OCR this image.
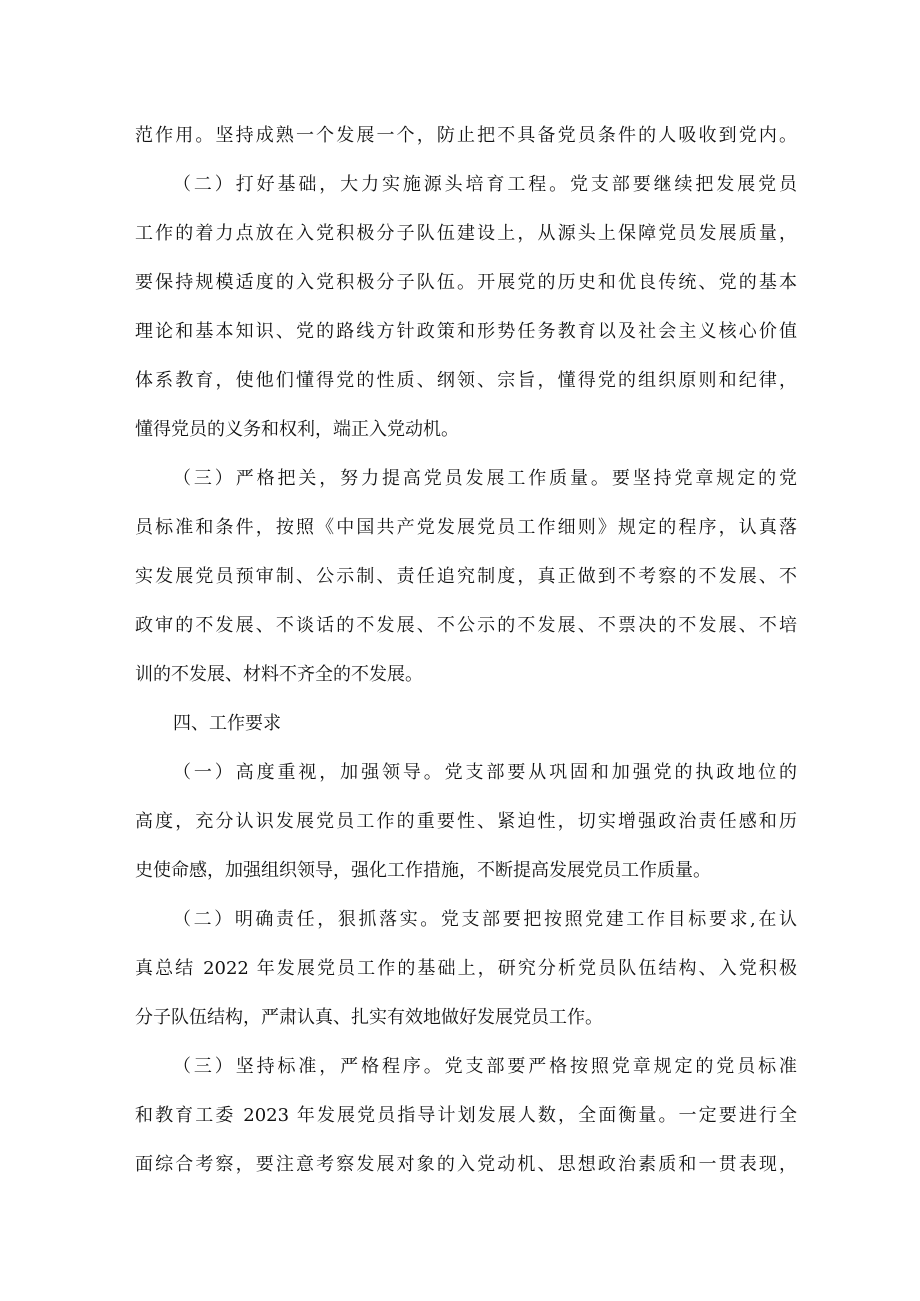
范作用。坚持成熟一个发展一个，防止把不具备党员条件的人吸收到党内。
（二）打好基础，大力实施源头培育工程。党支部要继续把发展党员
工作的着力点放在入党积极分子队伍建设上，从源头上保障党员发展质量，
要保持规模适度的入党积极分子队伍。开展党的历史和优良传统、党的基本
理论和基本知识、党的路线方针政策和形势任务教育以及社会主义核心价值
体系教育，使他们懂得党的性质、纲领、宗旨，懂得党的组织原则和纪律，
懂得党员的义务和权利，端正入党动机。
（三）严格把关，努力提高党员发展工作质量。要坚持党章规定的党
员标准和条件，按照《中国共产党发展党员工作细则》规定的程序，认真落
实发展党员预审制、公示制、责任追究制度，真正做到不考察的不发展、不
政审的不发展、不谈话的不发展、不公示的不发展、不票决的不发展、不培
训的不发展、材料不齐全的不发展。
四、工作要求
（一）高度重视，加强领导。党支部要从巩固和加强党的执政地位的
高度，充分认识发展党员工作的重要性、紧迫性，切实增强政治责任感和历
史使命感，加强组织领导，强化工作措施，不断提高发展党员工作质量。
（二）明确责任，狠抓落实。党支部要把按照党建工作目标要求,在认
真总结 2022 年发展党员工作的基础上，研究分析党员队伍结构、入党积极
分子队伍结构，严肃认真、扎实有效地做好发展党员工作。
（三）坚持标准，严格程序。党支部要严格按照党章规定的党员标准
和教育工委 2023 年发展党员指导计划发展人数，全面衡量。一定要进行全
面综合考察，要注意考察发展对象的入党动机、思想政治素质和一贯表现，
